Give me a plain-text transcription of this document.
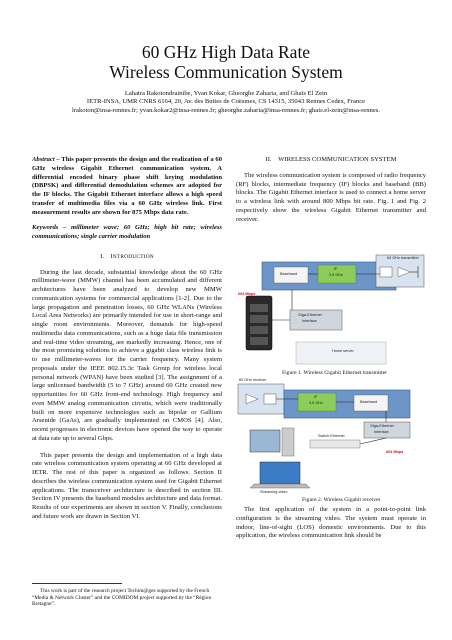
60 GHz High Data Rate
Wireless Communication System
Lahatra Rakotondrainibe, Yvan Kokar, Gheorghe Zaharia, and Ghaïs El Zein
IETR-INSA, UMR CNRS 6164, 20, Av. des Buttes de Coësmes, CS 14315, 35043 Rennes Cedex, France
lrakoton@insa-rennes.fr; yvan.kokar2@insa-rennes.fr; gheorghe.zaharia@insa-rennes.fr; ghais.el-zein@insa-rennes.
Abstract – This paper presents the design and the realization of a 60 GHz wireless Gigabit Ethernet communication system. A differential encoded binary phase shift keying modulation (DBPSK) and differential demodulation schemes are adopted for the IF blocks. The Gigabit Ethernet interface allows a high speed transfer of multimedia files via a 60 GHz wireless link. First measurement results are shown for 875 Mbps data rate.
Keywords – millimeter wave; 60 GHz; high bit rate; wireless communications; single carrier modulation
I. INTRODUCTION

During the last decade, substantial knowledge about the 60 GHz millimeter-wave (MMW) channel has been accumulated and different architectures have been analyzed to develop new MMW communication systems for commercial applications [1-2]. Due to the large propagation and penetration losses, 60 GHz WLANs (Wireless Local Area Networks) are primarily intended for use in short-range and single room environments. Moreover, demands for high-speed multimedia data communications, such as a huge data file transmission and real-time video streaming, are markedly increasing. Hence, one of the most promising solutions to achieve a gigabit class wireless link is to use millimeter-waves for the carrier frequency. Many system proposals under the IEEE 802.15.3c Task Group for wireless local personal network (WPAN) have been studied [3]. The assignment of a large unlicensed bandwidth (5 to 7 GHz) around 60 GHz created new opportunities for 60 GHz front-end technology. High frequency and even MMW analog communication circuits, which were traditionally built on more expensive technologies such as bipolar or Gallium Arsenide (GaAs), are gradually implemented on CMOS [4]. Also, recent progresses in electronic devices have opened the way to operate at data rate up to several Gbps.

This paper presents the design and implementation of a high data rate wireless communication system operating at 60 GHz developed at IETR. The rest of this paper is organized as follows. Section II describes the wireless communication system used for Gigabit Ethernet applications. The transceiver architecture is described in section III. Section IV presents the baseband modules architecture and data format. Results of our experiments are shown in section V. Finally, conclusions and future work are drawn in Section VI.

This work is part of the research project Techim@ges supported by the French “Media & Network Cluster” and the COMIDOM project supported by the “Région Bretagne”.
II. WIRELESS COMMUNICATION SYSTEM

The wireless communication system is composed of radio frequency (RF) blocks, intermediate frequency (IF) blocks and baseband (BB) blocks. The Gigabit Ethernet interface is used to connect a home server to a wireless link with around 800 Mbps bit rate. Fig. 1 and Fig. 2 respectively show the wireless Gigabit Ethernet transmitter and receiver.

604 Mbps
Baseband
IF
3.5 GHz
60 GHz transmitter
Giga-Ethernet
Interface
Home server
Figure 1. Wireless Gigabit Ethernet transmitter
60 GHz receiver
IF
3.5 GHz	Baseband
Giga-Ethernet
Interface
Switch Ethernet
604 Mbps
Streaming video
Figure 2. Wireless Gigabit receiver

The first application of the system in a point-to-point link configuration is the streaming video. The system must operate in indoor, line-of-sight (LOS) domestic environments. Due to this application, the wireless communication link should be
